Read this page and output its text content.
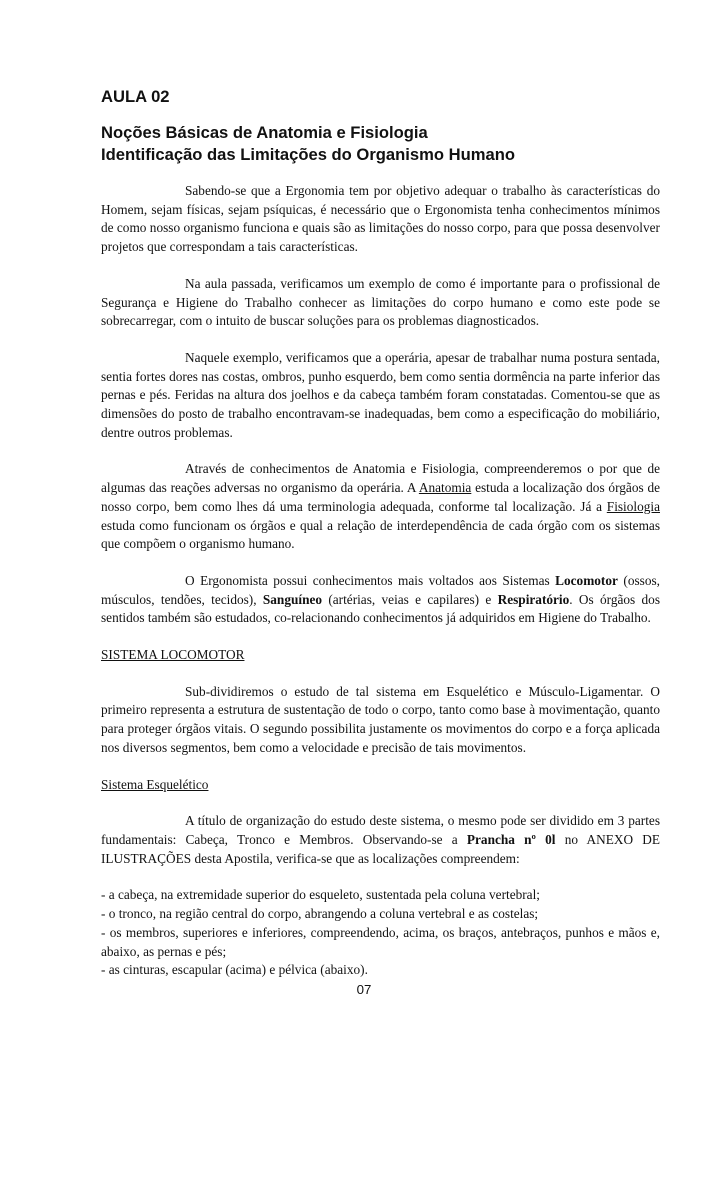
AULA 02
Noções Básicas de Anatomia e Fisiologia
Identificação das Limitações do Organismo Humano

Sabendo-se que a Ergonomia tem por objetivo adequar o trabalho às características do Homem, sejam físicas, sejam psíquicas, é necessário que o Ergonomista tenha conhecimentos mínimos de como nosso organismo funciona e quais são as limitações do nosso corpo, para que possa desenvolver projetos que correspondam a tais características.

Na aula passada, verificamos um exemplo de como é importante para o profissional de Segurança e Higiene do Trabalho conhecer as limitações do corpo humano e como este pode se sobrecarregar, com o intuito de buscar soluções para os problemas diagnosticados.

Naquele exemplo, verificamos que a operária, apesar de trabalhar numa postura sentada, sentia fortes dores nas costas, ombros, punho esquerdo, bem como sentia dormência na parte inferior das pernas e pés. Feridas na altura dos joelhos e da cabeça também foram constatadas. Comentou-se que as dimensões do posto de trabalho encontravam-se inadequadas, bem como a especificação do mobiliário, dentre outros problemas.

Através de conhecimentos de Anatomia e Fisiologia, compreenderemos o por que de algumas das reações adversas no organismo da operária. A Anatomia estuda a localização dos órgãos de nosso corpo, bem como lhes dá uma terminologia adequada, conforme tal localização. Já a Fisiologia estuda como funcionam os órgãos e qual a relação de interdependência de cada órgão com os sistemas que compõem o organismo humano.

O Ergonomista possui conhecimentos mais voltados aos Sistemas Locomotor (ossos, músculos, tendões, tecidos), Sanguíneo (artérias, veias e capilares) e Respiratório. Os órgãos dos sentidos também são estudados, co-relacionando conhecimentos já adquiridos em Higiene do Trabalho.

SISTEMA LOCOMOTOR

Sub-dividiremos o estudo de tal sistema em Esquelético e Músculo-Ligamentar. O primeiro representa a estrutura de sustentação de todo o corpo, tanto como base à movimentação, quanto para proteger órgãos vitais. O segundo possibilita justamente os movimentos do corpo e a força aplicada nos diversos segmentos, bem como a velocidade e precisão de tais movimentos.

Sistema Esquelético

A título de organização do estudo deste sistema, o mesmo pode ser dividido em 3 partes fundamentais: Cabeça, Tronco e Membros. Observando-se a Prancha nº 0l no ANEXO DE ILUSTRAÇÕES desta Apostila, verifica-se que as localizações compreendem:

- a cabeça, na extremidade superior do esqueleto, sustentada pela coluna vertebral;

- o tronco, na região central do corpo, abrangendo a coluna vertebral e as costelas;

- os membros, superiores e inferiores, compreendendo, acima, os braços, antebraços, punhos e mãos e, abaixo, as pernas e pés;

- as cinturas, escapular (acima) e pélvica (abaixo).

07
